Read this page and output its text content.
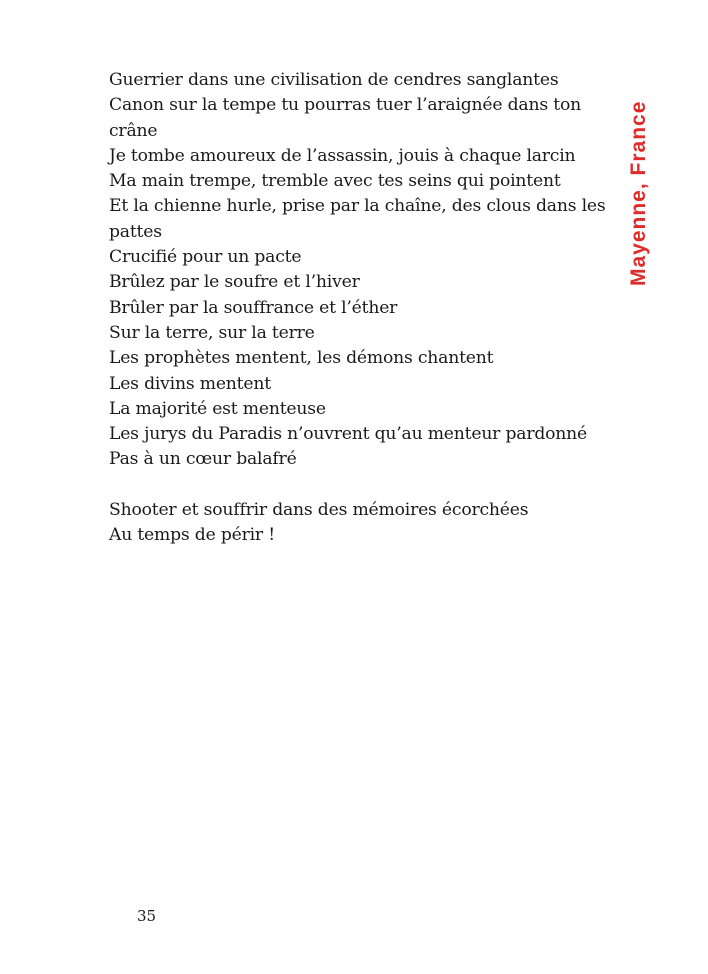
Guerrier dans une civilisation de cendres sanglantes
Canon sur la tempe tu pourras tuer l’araignée dans ton
crâne
Je tombe amoureux de l’assassin, jouis à chaque larcin
Ma main trempe, tremble avec tes seins qui pointent
Et la chienne hurle, prise par la chaîne, des clous dans les
pattes
Crucifié pour un pacte
Brûlez par le soufre et l’hiver
Brûler par la souffrance et l’éther
Sur la terre, sur la terre
Les prophètes mentent, les démons chantent
Les divins mentent
La majorité est menteuse
Les jurys du Paradis n’ouvrent qu’au menteur pardonné
Pas à un cœur balafré
Shooter et souffrir dans des mémoires écorchées
Au temps de périr !
Mayenne, France
35
